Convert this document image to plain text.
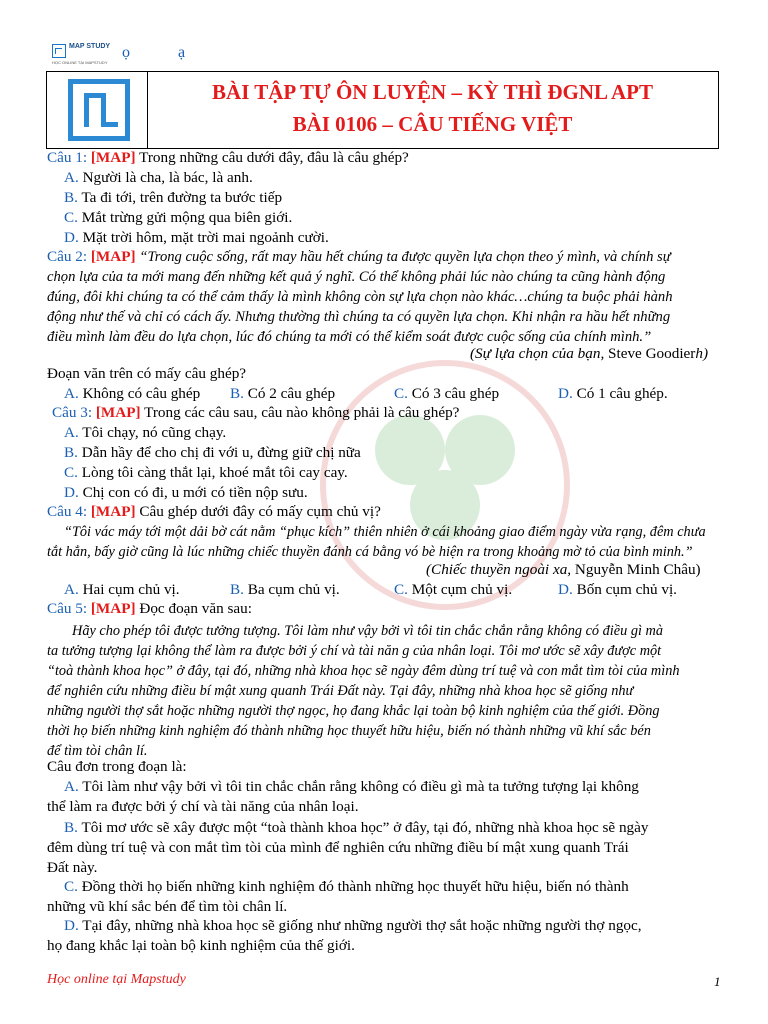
MAP STUDY
HỌC ONLINE TẠI MAPSTUDY
ọ	ạ
BÀI TẬP TỰ ÔN LUYỆN – KỲ THÌ ĐGNL APT
BÀI 0106 – CÂU TIẾNG VIỆT
Câu 1: [MAP] Trong những câu dưới đây, đâu là câu ghép?
A. Người là cha, là bác, là anh.
B. Ta đi tới, trên đường ta bước tiếp
C. Mắt trừng gửi mộng qua biên giới.
D. Mặt trời hôm, mặt trời mai ngoảnh cười.
Câu 2: [MAP] “Trong cuộc sống, rất may hầu hết chúng ta được quyền lựa chọn theo ý mình, và chính sự
chọn lựa của ta mới mang đến những kết quả ý nghĩ. Có thể không phải lúc nào chúng ta cũng hành động
đúng, đôi khi chúng ta có thể cảm thấy là mình không còn sự lựa chọn nào khác…chúng ta buộc phải hành
động như thế và chỉ có cách ấy. Nhưng thường thì chúng ta có quyền lựa chọn. Khi nhận ra hầu hết những
điều mình làm đều do lựa chọn, lúc đó chúng ta mới có thể kiểm soát được cuộc sống của chính mình.”
(Sự lựa chọn của bạn, Steve Goodierh)
Đoạn văn trên có mấy câu ghép?
A. Không có câu ghép B. Có 2 câu ghép	C. Có 3 câu ghép	D. Có 1 câu ghép.
Câu 3: [MAP] Trong các câu sau, câu nào không phải là câu ghép?
A. Tôi chạy, nó cũng chạy.
B. Dẫn hầy để cho chị đi với u, đừng giữ chị nữa
C. Lòng tôi càng thắt lại, khoé mắt tôi cay cay.
D. Chị con có đi, u mới có tiền nộp sưu.
Câu 4: [MAP] Câu ghép dưới đây có mấy cụm chủ vị?
“Tôi vác máy tới một dải bờ cát nằm “phục kích” thiên nhiên ở cái khoảng giao điểm ngày vừa rạng, đêm chưa
tắt hẳn, bấy giờ cũng là lúc những chiếc thuyền đánh cá bằng vó bè hiện ra trong khoảng mờ tỏ của bình minh.”
(Chiếc thuyền ngoài xa, Nguyễn Minh Châu)
A. Hai cụm chủ vị.	B. Ba cụm chủ vị.	C. Một cụm chủ vị.	D. Bốn cụm chủ vị.
Câu 5: [MAP] Đọc đoạn văn sau:
Hãy cho phép tôi được tưởng tượng. Tôi làm như vậy bởi vì tôi tin chắc chắn rằng không có điều gì mà
ta tưởng tượng lại không thể làm ra được bởi ý chí và tài năn g của nhân loại. Tôi mơ ước sẽ xây được một
“toà thành khoa học” ở đây, tại đó, những nhà khoa học sẽ ngày đêm dùng trí tuệ và con mắt tìm tòi của mình
để nghiên cứu những điều bí mật xung quanh Trái Đất này. Tại đây, những nhà khoa học sẽ giống như
những người thợ sắt hoặc những người thợ ngọc, họ đang khắc lại toàn bộ kinh nghiệm của thế giới. Đồng
thời họ biến những kinh nghiệm đó thành những học thuyết hữu hiệu, biến nó thành những vũ khí sắc bén
để tìm tòi chân lí.
Câu đơn trong đoạn là:
A. Tôi làm như vậy bởi vì tôi tin chắc chắn rằng không có điều gì mà ta tưởng tượng lại không
thể làm ra được bởi ý chí và tài năng của nhân loại.
B. Tôi mơ ước sẽ xây được một “toà thành khoa học” ở đây, tại đó, những nhà khoa học sẽ ngày
đêm dùng trí tuệ và con mắt tìm tòi của mình để nghiên cứu những điều bí mật xung quanh Trái
Đất này.
C. Đồng thời họ biến những kinh nghiệm đó thành những học thuyết hữu hiệu, biến nó thành
những vũ khí sắc bén để tìm tòi chân lí.
D. Tại đây, những nhà khoa học sẽ giống như những người thợ sắt hoặc những người thợ ngọc,
họ đang khắc lại toàn bộ kinh nghiệm của thế giới.
Học online tại Mapstudy	1
